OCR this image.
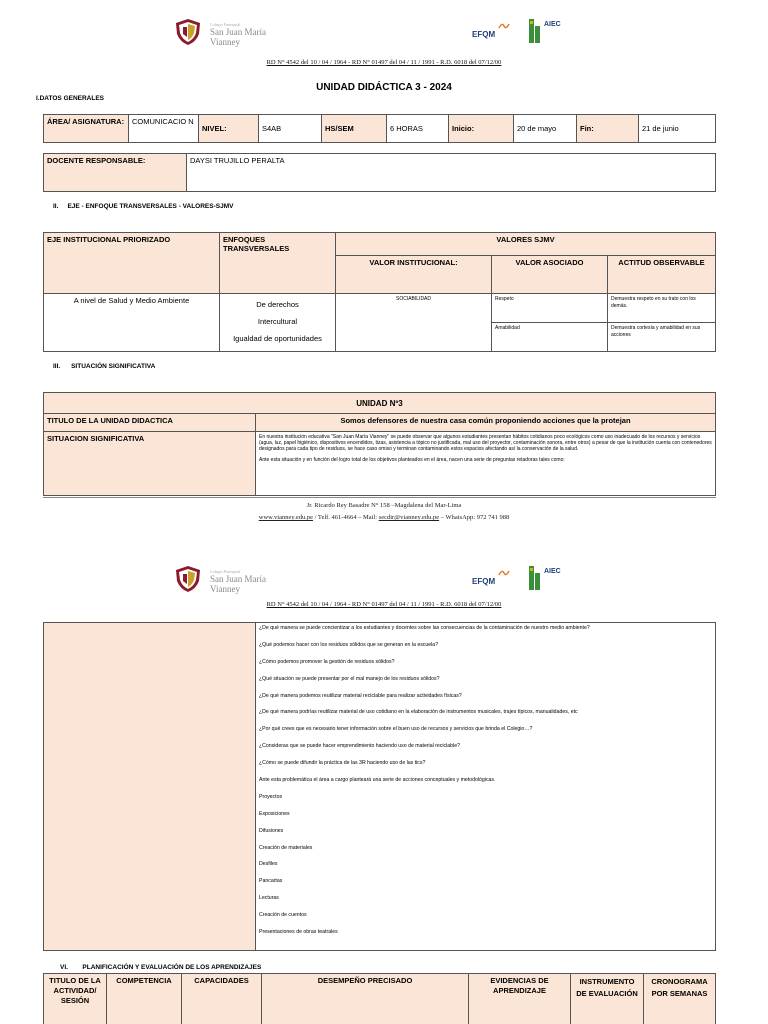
Colegio Parroquial
San Juan María
Vianney
EFQM
AIEC
RD N° 4542 del 10 / 04 / 1964 - RD N° 01497 del 04 / 11 / 1991 - R.D. 6018 del 07/12/00
UNIDAD DIDÁCTICA 3 - 2024
I.DATOS GENERALES
ÁREA/ ASIGNATURA:	COMUNICACIO N	NIVEL:	S4AB	HS/SEM	6 HORAS	Inicio:	20 de mayo	Fin:	21 de junio
DOCENTE RESPONSABLE:	DAYSI TRUJILLO PERALTA
II. EJE - ENFOQUE TRANSVERSALES - VALORES-SJMV
EJE INSTITUCIONAL PRIORIZADO	ENFOQUES TRANSVERSALES	VALORES SJMV		
		VALOR INSTITUCIONAL:	VALOR ASOCIADO	ACTITUD OBSERVABLE
A nivel de Salud y Medio Ambiente	De derechos
Intercultural
Igualdad de oportunidades	SOCIABILIDAD	Respeto	Demuestra respeto en su trato con los demás.
			Amabilidad	Demuestra cortesía y amabilidad en sus acciones
III. SITUACIÓN SIGNIFICATIVA
UNIDAD Nº3	
TITULO DE LA UNIDAD DIDACTICA	Somos defensores de nuestra casa común proponiendo acciones que la protejan
SITUACION SIGNIFICATIVA	En nuestra institución educativa "San Juan María Vianney" se puede observar que algunos estudiantes presentan hábitos cotidianos poco ecológicos como uso inadecuado de los recursos y servicios (agua, luz, papel higiénico, dispositivos encendidos, tizas, asistencia a tópico no justificada, mal uso del proyector, contaminación sonora, entre otros) a pesar de que la institución cuenta con contenedores designados para cada tipo de residuos, se hace caso omiso y terminan contaminando estos espacios afectando así la conservación de la salud.

Ante esta situación y en función del logro total de los objetivos planteados en el área, nacen una serie de preguntas retadoras tales como:

Jr. Ricardo Rey Basadre N° 158 –Magdalena del Mar-Lima
www.vianney.edu.pe / Telf. 461-4664 – Mail: secdir@vianney.edu.pe – WhatsApp: 972 741 988
Colegio Parroquial
San Juan María
Vianney
EFQM
AIEC
RD N° 4542 del 10 / 04 / 1964 - RD N° 01497 del 04 / 11 / 1991 - R.D. 6018 del 07/12/00

¿De qué manera se puede concientizar a los estudiantes y docentes sobre las consecuencias de la contaminación de nuestro medio ambiente?

¿Qué podemos hacer con los residuos sólidos que se generan en la escuela?

¿Cómo podemos promover la gestión de residuos sólidos?

¿Qué situación se puede presentar por el mal manejo de los residuos sólidos?

¿De qué manera podemos reutilizar material reciclable para realizar actividades físicas?

¿De qué manera podrías reutilizar material de uso cotidiano en la elaboración de instrumentos musicales, trajes típicos, manualidades, etc

¿Por qué crees que es necesario tener información sobre el buen uso de recursos y servicios que brinda el Colegio…?

¿Consideras que se puede hacer emprendimiento haciendo uso de material reciclable?

¿Cómo se puede difundir la práctica de las 3R haciendo uso de las tics?

Ante esta problemática el área a cargo planteará una serie de acciones conceptuales y metodológicas.

Proyectos

Exposiciones

Difusiones

Creación de materiales

Desfiles

Pancartas

Lecturas

Creación de cuentos

Presentaciones de obras teatrales

VI. PLANIFICACIÓN Y EVALUACIÓN DE LOS APRENDIZAJES
TITULO DE LA ACTIVIDAD/ SESIÓN	COMPETENCIA	CAPACIDADES	DESEMPEÑO PRECISADO	EVIDENCIAS DE APRENDIZAJE	INSTRUMENTO DE EVALUACIÓN	CRONOGRAMA POR SEMANAS
